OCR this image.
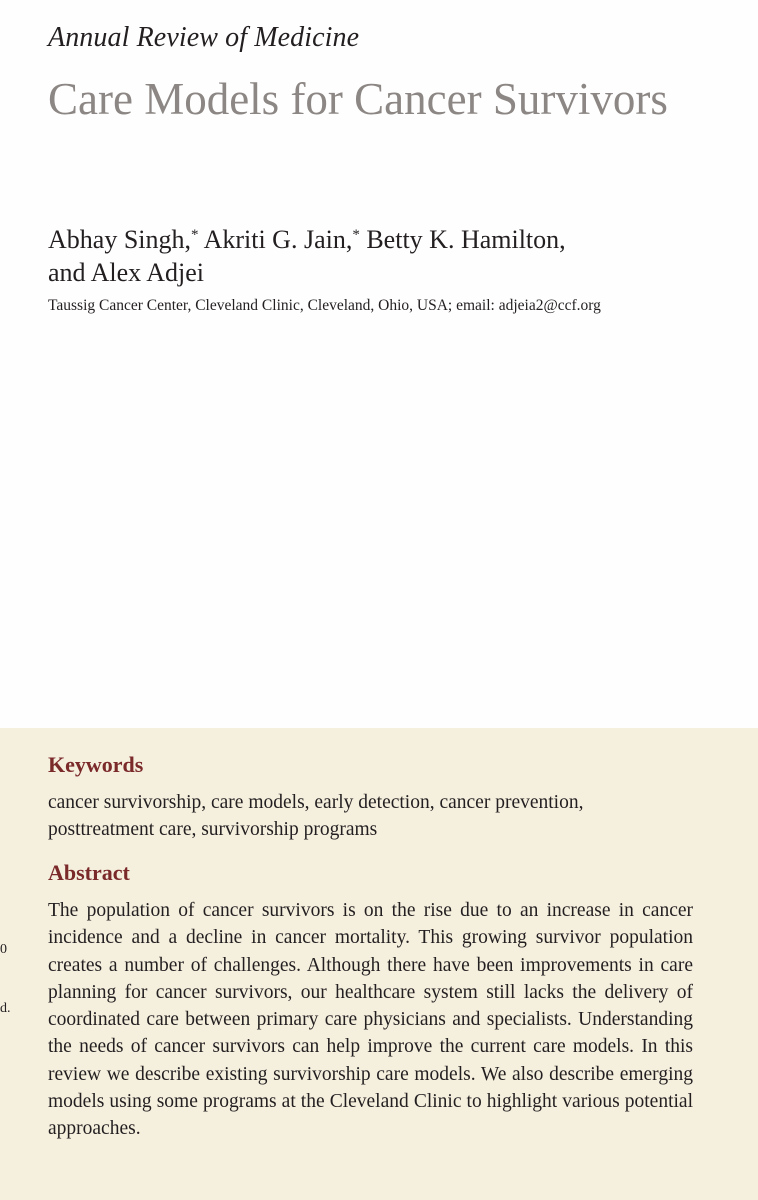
Annual Review of Medicine
Care Models for Cancer Survivors
Abhay Singh,* Akriti G. Jain,* Betty K. Hamilton,
and Alex Adjei
Taussig Cancer Center, Cleveland Clinic, Cleveland, Ohio, USA; email: adjeia2@ccf.org
Keywords
cancer survivorship, care models, early detection, cancer prevention, posttreatment care, survivorship programs
Abstract
The population of cancer survivors is on the rise due to an increase in cancer incidence and a decline in cancer mortality. This growing survivor population creates a number of challenges. Although there have been improvements in care planning for cancer survivors, our healthcare system still lacks the delivery of coordinated care between primary care physicians and specialists. Understanding the needs of cancer survivors can help improve the current care models. In this review we describe existing survivorship care models. We also describe emerging models using some programs at the Cleveland Clinic to highlight various potential approaches.
0
d.
